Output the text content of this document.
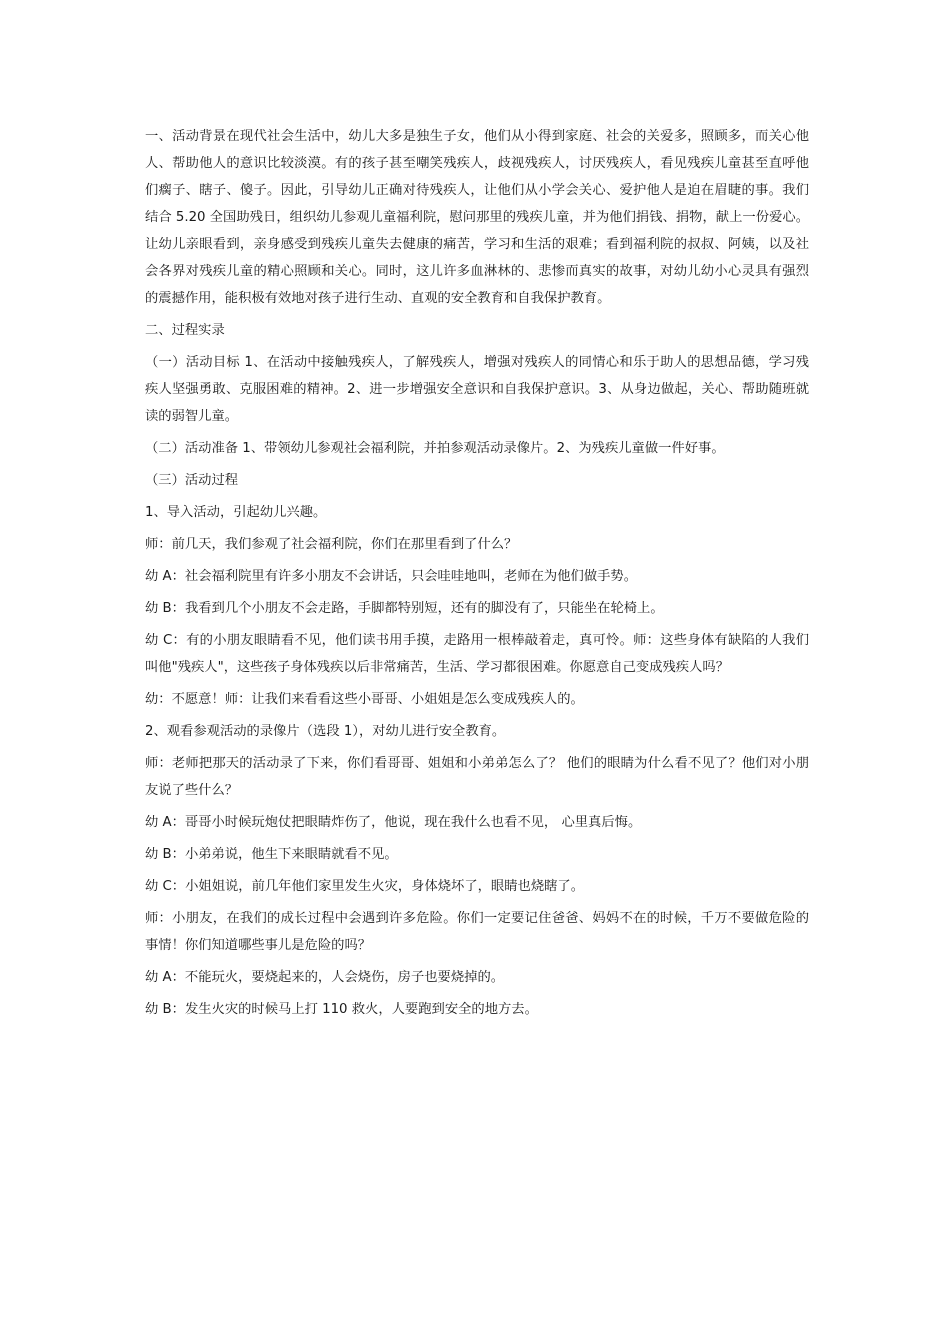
一、活动背景在现代社会生活中，幼儿大多是独生子女，他们从小得到家庭、社会的关爱多，照顾多，而关心他人、帮助他人的意识比较淡漠。有的孩子甚至嘲笑残疾人，歧视残疾人，讨厌残疾人，看见残疾儿童甚至直呼他们瘸子、瞎子、傻子。因此，引导幼儿正确对待残疾人，让他们从小学会关心、爱护他人是迫在眉睫的事。我们结合 5.20 全国助残日，组织幼儿参观儿童福利院，慰问那里的残疾儿童，并为他们捐钱、捐物，献上一份爱心。让幼儿亲眼看到，亲身感受到残疾儿童失去健康的痛苦，学习和生活的艰难；看到福利院的叔叔、阿姨，以及社会各界对残疾儿童的精心照顾和关心。同时，这儿许多血淋林的、悲惨而真实的故事，对幼儿幼小心灵具有强烈的震撼作用，能积极有效地对孩子进行生动、直观的安全教育和自我保护教育。

二、过程实录

（一）活动目标 1、在活动中接触残疾人，了解残疾人，增强对残疾人的同情心和乐于助人的思想品德，学习残疾人坚强勇敢、克服困难的精神。2、进一步增强安全意识和自我保护意识。3、从身边做起，关心、帮助随班就读的弱智儿童。

（二）活动准备 1、带领幼儿参观社会福利院，并拍参观活动录像片。2、为残疾儿童做一件好事。

（三）活动过程

1、导入活动，引起幼儿兴趣。

师：前几天，我们参观了社会福利院，你们在那里看到了什么？

幼 A：社会福利院里有许多小朋友不会讲话，只会哇哇地叫，老师在为他们做手势。

幼 B：我看到几个小朋友不会走路，手脚都特别短，还有的脚没有了，只能坐在轮椅上。

幼 C：有的小朋友眼睛看不见，他们读书用手摸，走路用一根棒敲着走，真可怜。师：这些身体有缺陷的人我们叫他"残疾人"，这些孩子身体残疾以后非常痛苦，生活、学习都很困难。你愿意自己变成残疾人吗？

幼：不愿意！师：让我们来看看这些小哥哥、小姐姐是怎么变成残疾人的。

2、观看参观活动的录像片（选段 1），对幼儿进行安全教育。

师：老师把那天的活动录了下来，你们看哥哥、姐姐和小弟弟怎么了？ 他们的眼睛为什么看不见了？他们对小朋友说了些什么？

幼 A：哥哥小时候玩炮仗把眼睛炸伤了，他说，现在我什么也看不见， 心里真后悔。

幼 B：小弟弟说，他生下来眼睛就看不见。

幼 C：小姐姐说，前几年他们家里发生火灾，身体烧坏了，眼睛也烧瞎了。

师：小朋友，在我们的成长过程中会遇到许多危险。你们一定要记住爸爸、妈妈不在的时候，千万不要做危险的事情！你们知道哪些事儿是危险的吗？

幼 A：不能玩火，要烧起来的，人会烧伤，房子也要烧掉的。

幼 B：发生火灾的时候马上打 110 救火，人要跑到安全的地方去。
